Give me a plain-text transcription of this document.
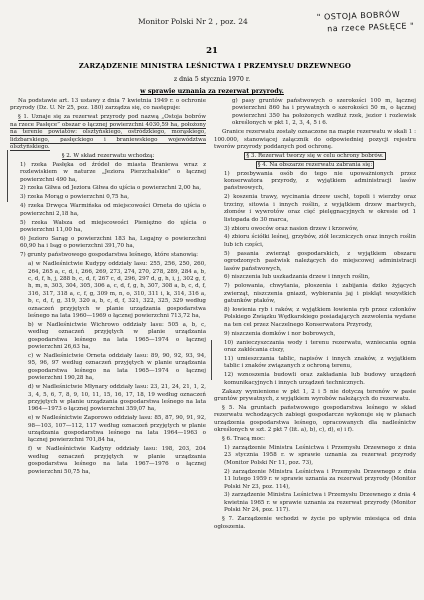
Monitor Polski Nr 2 , poz. 24	" OSTOJA BOBRÓW
na rzece PASŁĘCE "
21
ZARZĄDZENIE MINISTRA LEŚNICTWA I PRZEMYSŁU DRZEWNEGO
z dnia 5 stycznia 1970 r.
w sprawie uznania za rezerwat przyrody.

Na podstawie art. 13 ustawy z dnia 7 kwietnia 1949 r. o ochronie przyrody (Dz. U. Nr 25, poz. 180) zarządza się, co następuje:

§ 1. Uznaje się za rezerwat przyrody pod nazwą „Ostoja bobrów na rzece Pasłęce” obszar o łącznej powierzchni 4030,59 ha, położony na terenie powiatów: olsztyńskiego, ostródzkiego, morąskiego, lidzbarskiego, pasłęckiego i braniewskiego województwa olsztyńskiego.

§ 2. W skład rezerwatu wchodzą:

1) rzeka Pasłęka od źródeł do miasta Braniewa wraz z rozlewiskiem w naturze „Jeziora Pierzchalskie” o łącznej powierzchni 490 ha,

2) rzeka Giłwa od Jeziora Giłwa do ujścia o powierzchni 2,00 ha,

3) rzeka Morąg o powierzchni 0,75 ha,

4) rzeka Drwęca Warmińska od miejscowości Orneta do ujścia o powierzchni 2,18 ha,

5) rzeka Wałsza od miejscowości Pieniężno do ujścia o powierzchni 11,00 ha,

6) Jezioro Sarąg o powierzchni 183 ha, Legajny o powierzchni 60,90 ha i Isąg o powierzchni 391,70 ha,

7) grunty państwowego gospodarstwa leśnego, które stanowią:

a) w Nadleśnictwie Kudypy oddziały lasu: 255, 256, 250, 260, 264, 265 a, c, d, i, 266, 269, 273, 274, 270, 278, 289, 284 a, b, c, d, f, h, j, 288 b, c, d, f, 267 c, d, 296, 297 d, g, h, i, j, 302 g, f, h, m, n, 303, 304, 305, 306 a, c, d, f, g, h, 307, 308 a, b, c, d, f, 316, 317, 318 a, c, f, g, 309 m, n, o, 310, 311 i, k, 314, 316 a, b, c, d, f, g, 319, 320 a, b, c, d, f, 321, 322, 325, 329 według oznaczeń przyjętych w planie urządzania gospodarstwa leśnego na lata 1960—1969 o łącznej powierzchni 713,72 ha,

b) w Nadleśnictwie Wichrowo oddziały lasu: 505 a, b, c, według oznaczeń przyjętych w planie urządzania gospodarstwa leśnego na lata 1965—1974 o łącznej powierzchni 26,63 ha,

c) w Nadleśnictwie Orneta oddziały lasu: 89, 90, 92, 93, 94, 95, 96, 97 według oznaczeń przyjętych w planie urządzania gospodarstwa leśnego na lata 1965—1974 o łącznej powierzchni 190,28 ha,

d) w Nadleśnictwie Młynary oddziały lasu: 23, 21, 24, 21, 1, 2, 3, 4, 5, 6, 7, 8, 9, 10, 11, 15, 16, 17, 18, 19 według oznaczeń przyjętych w planie urządzania gospodarstwa leśnego na lata 1964—1973 o łącznej powierzchni 359,07 ha,

e) w Nadleśnictwie Zaporowo oddziały lasu: 85, 87, 90, 91, 92, 98—103, 107—112, 117 według oznaczeń przyjętych w planie urządzania gospodarstwa leśnego na lata 1964—1963 o łącznej powierzchni 701,84 ha,

f) w Nadleśnictwie Kadyny oddziały lasu: 198, 203, 204 według oznaczeń przyjętych w planie urządzania gospodarstwa leśnego na lata 1967—1976 o łącznej powierzchni 50,75 ha,

g) pasy gruntów państwowych o szerokości 100 m, łącznej powierzchni 860 ha i prywatnych o szerokości 50 m, o łącznej powierzchni 350 ha położonych wzdłuż rzek, jezior i rozlewisk określonych w pkt 1, 2, 3, 4, 5 i 6.

Granice rezerwatu zostały oznaczone na mapie rezerwatu w skali 1 : 100.000, stanowiącej załącznik do odpowiedniej pozycji rejestru tworów przyrody poddanych pod ochronę.

§ 3. Rezerwat tworzy się w celu ochrony bobrów.

§ 4. Na obszarze rezerwatu zabrania się:

1) przebywania osób do tego nie upoważnionych przez konserwatora przyrody, z wyjątkiem administracji lasów państwowych,

2) koszenia trawy, wycinania drzew uschł, topoli i wierzby oraz trzciny, sitowia i innych roślin, z wyjątkiem drzew martwych, złomów i wywrotów oraz cięć pielęgnacyjnych w okresie od 1 listopada do 30 marca,

3) zbioru owoców oraz nasion drzew i krzewów,

4) zbioru ściółki leśnej, grzybów, ziół leczniczych oraz innych roślin lub ich części,

5) pasania zwierząt gospodarskich, z wyjątkiem obszaru ogrodzonych pastwisk należących do miejscowej administracji lasów państwowych,

6) niszczenia lub uszkadzania drzew i innych roślin,

7) polowania, chwytania, płoszenia i zabijania dziko żyjących zwierząt, niszczenia gniazd, wybierania jaj i piskląt wszystkich gatunków ptaków,

8) łowienia ryb i raków, z wyjątkiem łowienia ryb przez członków Polskiego Związku Wędkarskiego posiadających zezwolenia wydane na ten cel przez Naczelnego Konserwatora Przyrody,

9) niszczenia domków i nor bobrowych,

10) zanieczyszczania wody i terenu rezerwatu, wzniecania ognia oraz zakłócania ciszy,

11) umieszczania tablic, napisów i innych znaków, z wyjątkiem tablic i znaków związanych z ochroną terenu,

12) wznoszenia budowli oraz zakładania lub budowy urządzeń komunikacyjnych i innych urządzeń technicznych.

Zakazy wymienione w pkt 1, 2 i 5 nie dotyczą terenów w pasie gruntów prywatnych, z wyjątkiem wyrobów należących do rezerwatu.

§ 5. Na gruntach państwowego gospodarstwa leśnego w skład rezerwatu wchodzących zabiegi gospodarcze wykonuje się w planach urządzenia gospodarstwa leśnego, opracowanych dla nadleśnictw określonych w szt. 2 pkt 7 (lit. a), b), c), d), e) i f).

§ 6. Tracą moc:

1) zarządzenie Ministra Leśnictwa i Przemysłu Drzewnego z dnia 23 stycznia 1958 r. w sprawie uznania za rezerwat przyrody (Monitor Polski Nr 11, poz. 73),

2) zarządzenie Ministra Leśnictwa i Przemysłu Drzewnego z dnia 11 lutego 1959 r. w sprawie uznania za rezerwat przyrody (Monitor Polski Nr 23, poz. 114),

3) zarządzenie Ministra Leśnictwa i Przemysłu Drzewnego z dnia 4 kwietnia 1965 r. w sprawie uznania za rezerwat przyrody (Monitor Polski Nr 24, poz. 117).

§ 7. Zarządzenie wchodzi w życie po upływie miesiąca od dnia ogłoszenia.
